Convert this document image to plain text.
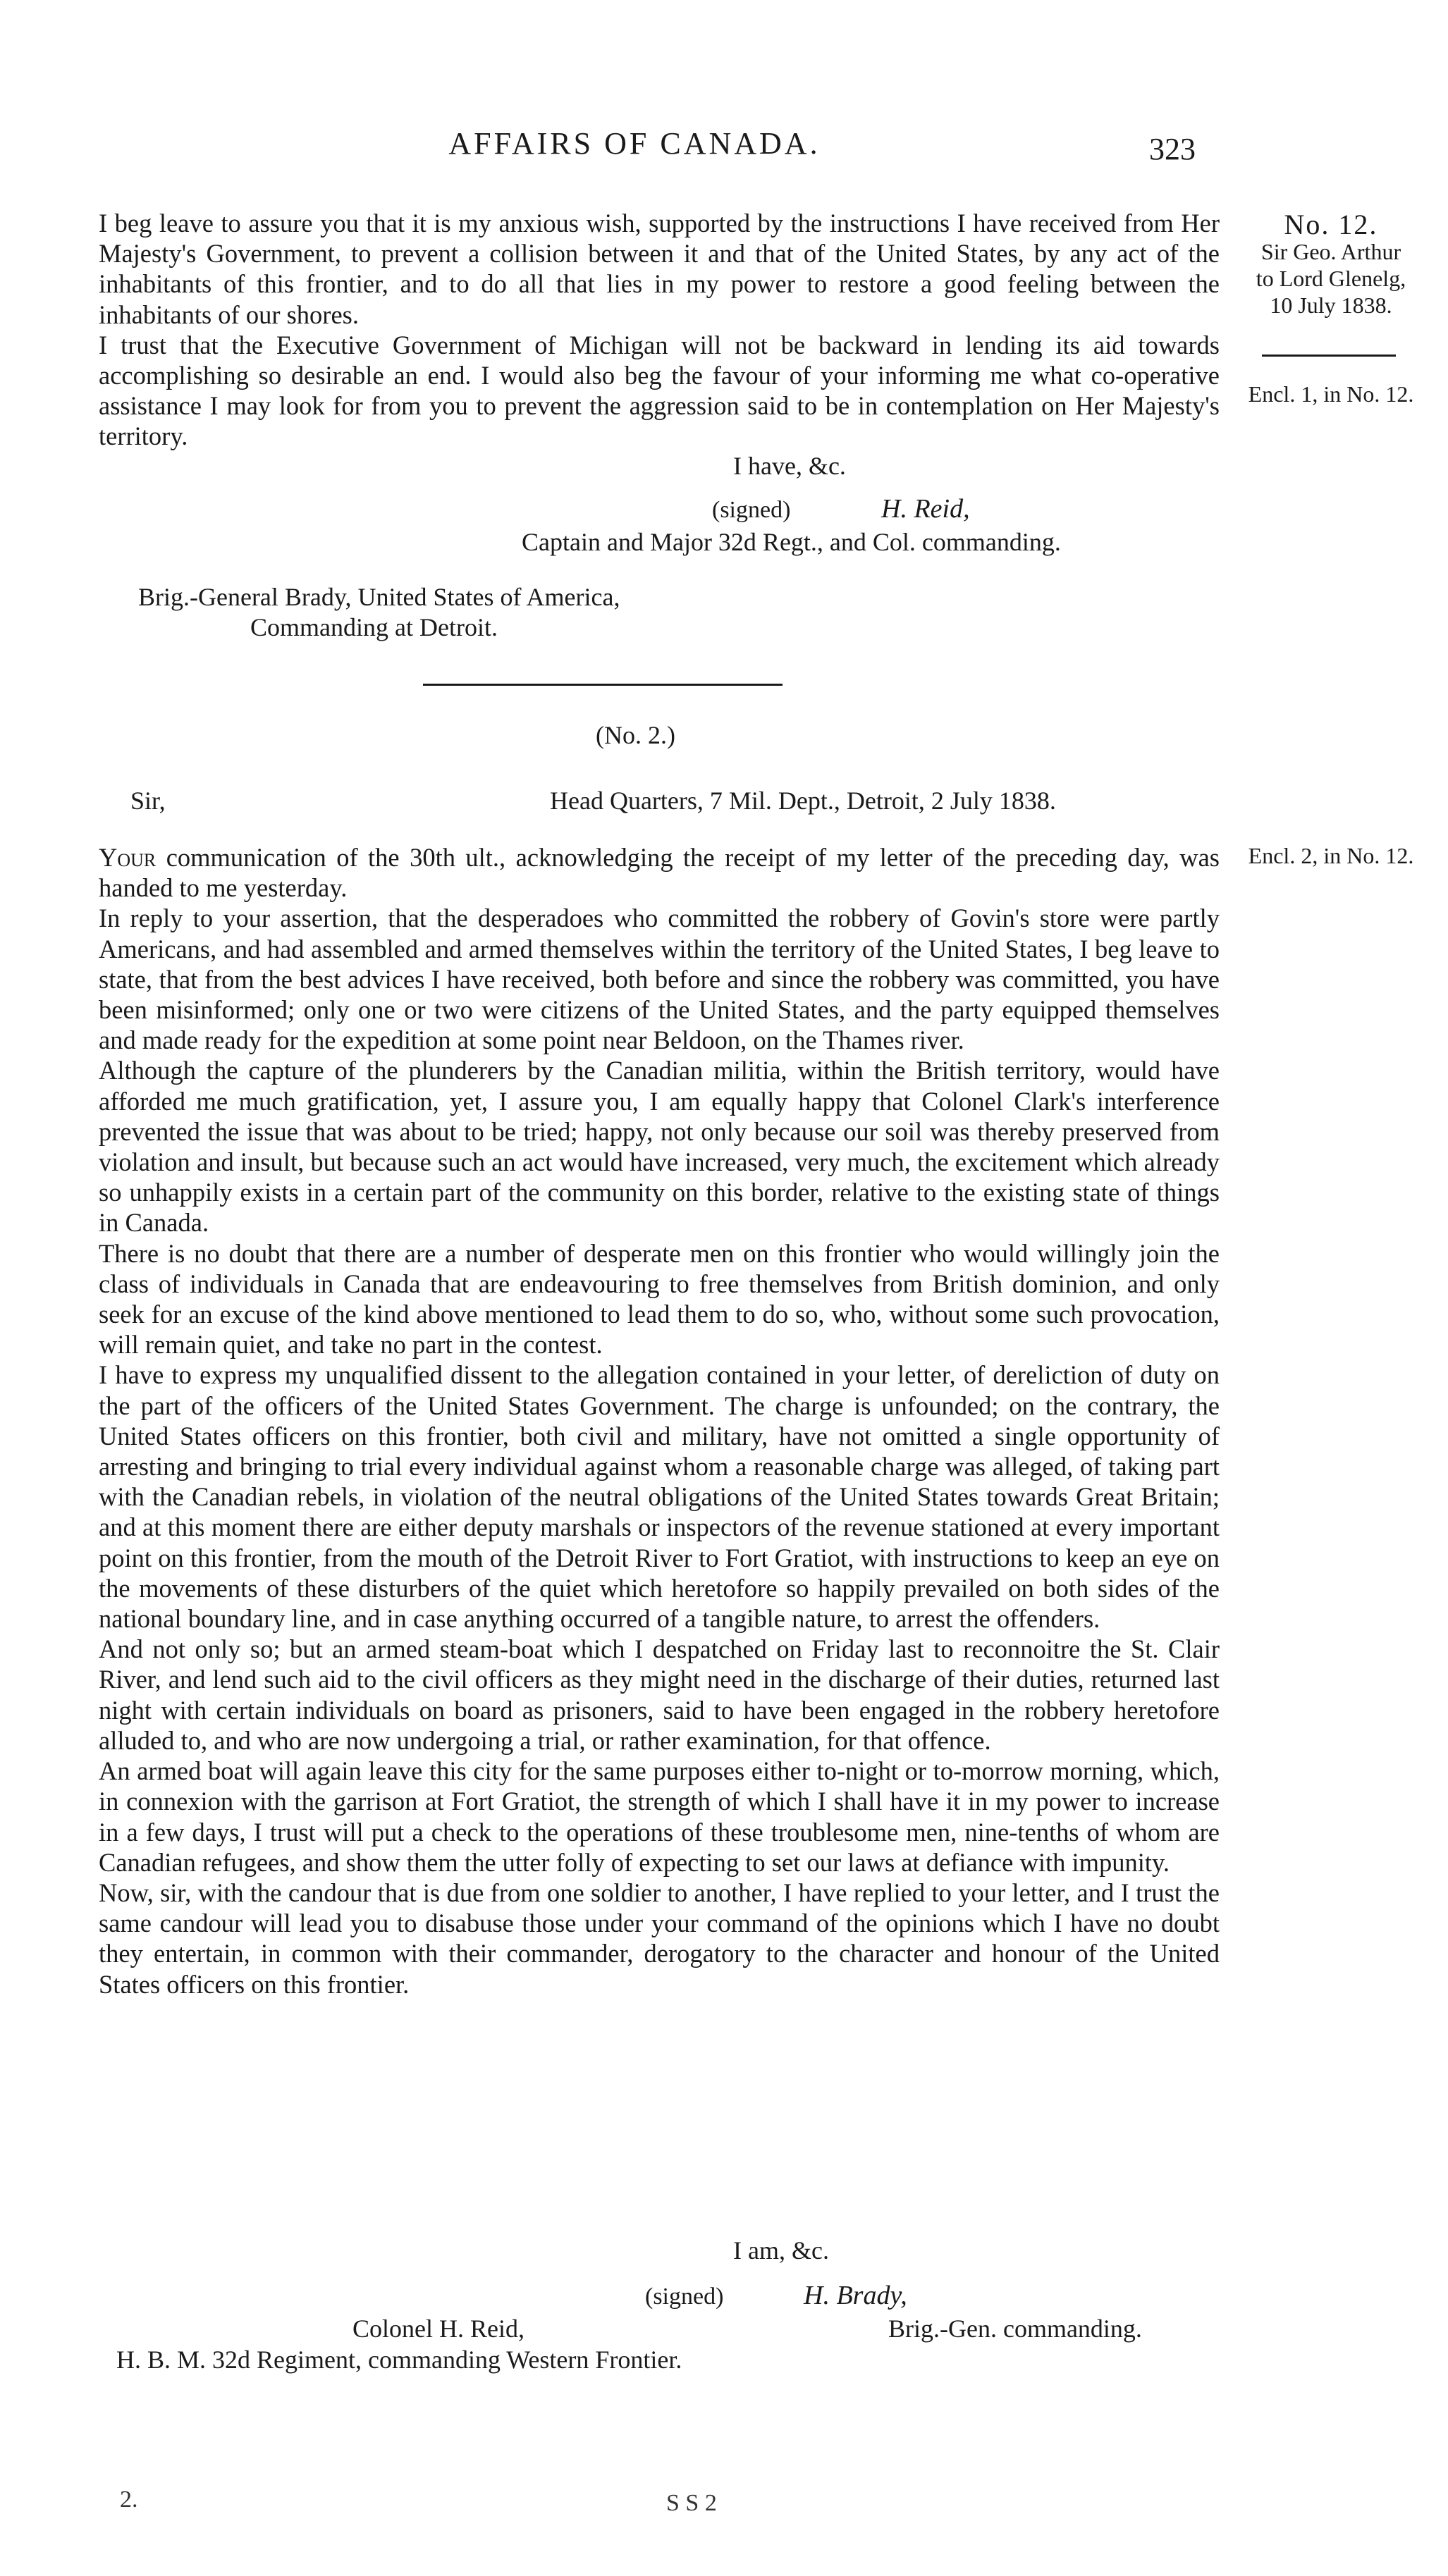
AFFAIRS OF CANADA.	323
No. 12.
Sir Geo. Arthur
to Lord Glenelg,
10 July 1838.
Encl. 1, in No. 12.
Encl. 2, in No. 12.

I beg leave to assure you that it is my anxious wish, supported by the instructions I have received from Her Majesty's Government, to prevent a collision between it and that of the United States, by any act of the inhabitants of this frontier, and to do all that lies in my power to restore a good feeling between the inhabitants of our shores.

I trust that the Executive Government of Michigan will not be backward in lending its aid towards accomplishing so desirable an end. I would also beg the favour of your informing me what co-operative assistance I may look for from you to prevent the aggression said to be in contemplation on Her Majesty's territory.

I have, &c.
(signed)	H. Reid,
Captain and Major 32d Regt., and Col. commanding.
Brig.-General Brady, United States of America,
Commanding at Detroit.
(No. 2.)
Sir,	Head Quarters, 7 Mil. Dept., Detroit, 2 July 1838.

Your communication of the 30th ult., acknowledging the receipt of my letter of the preceding day, was handed to me yesterday.

In reply to your assertion, that the desperadoes who committed the robbery of Govin's store were partly Americans, and had assembled and armed themselves within the territory of the United States, I beg leave to state, that from the best advices I have received, both before and since the robbery was committed, you have been misinformed; only one or two were citizens of the United States, and the party equipped themselves and made ready for the expedition at some point near Beldoon, on the Thames river.

Although the capture of the plunderers by the Canadian militia, within the British territory, would have afforded me much gratification, yet, I assure you, I am equally happy that Colonel Clark's interference prevented the issue that was about to be tried; happy, not only because our soil was thereby preserved from violation and insult, but because such an act would have increased, very much, the excitement which already so unhappily exists in a certain part of the community on this border, relative to the existing state of things in Canada.

There is no doubt that there are a number of desperate men on this frontier who would willingly join the class of individuals in Canada that are endeavouring to free themselves from British dominion, and only seek for an excuse of the kind above mentioned to lead them to do so, who, without some such provocation, will remain quiet, and take no part in the contest.

I have to express my unqualified dissent to the allegation contained in your letter, of dereliction of duty on the part of the officers of the United States Government. The charge is unfounded; on the contrary, the United States officers on this frontier, both civil and military, have not omitted a single opportunity of arresting and bringing to trial every individual against whom a reasonable charge was alleged, of taking part with the Canadian rebels, in violation of the neutral obligations of the United States towards Great Britain; and at this moment there are either deputy marshals or inspectors of the revenue stationed at every important point on this frontier, from the mouth of the Detroit River to Fort Gratiot, with instructions to keep an eye on the movements of these disturbers of the quiet which heretofore so happily prevailed on both sides of the national boundary line, and in case anything occurred of a tangible nature, to arrest the offenders.

And not only so; but an armed steam-boat which I despatched on Friday last to reconnoitre the St. Clair River, and lend such aid to the civil officers as they might need in the discharge of their duties, returned last night with certain individuals on board as prisoners, said to have been engaged in the robbery heretofore alluded to, and who are now undergoing a trial, or rather examination, for that offence.

An armed boat will again leave this city for the same purposes either to-night or to-morrow morning, which, in connexion with the garrison at Fort Gratiot, the strength of which I shall have it in my power to increase in a few days, I trust will put a check to the operations of these troublesome men, nine-tenths of whom are Canadian refugees, and show them the utter folly of expecting to set our laws at defiance with impunity.

Now, sir, with the candour that is due from one soldier to another, I have replied to your letter, and I trust the same candour will lead you to disabuse those under your command of the opinions which I have no doubt they entertain, in common with their commander, derogatory to the character and honour of the United States officers on this frontier.

I am, &c.
(signed)	H. Brady,
Colonel H. Reid,	Brig.-Gen. commanding.
H. B. M. 32d Regiment, commanding Western Frontier.
2.	S S 2
